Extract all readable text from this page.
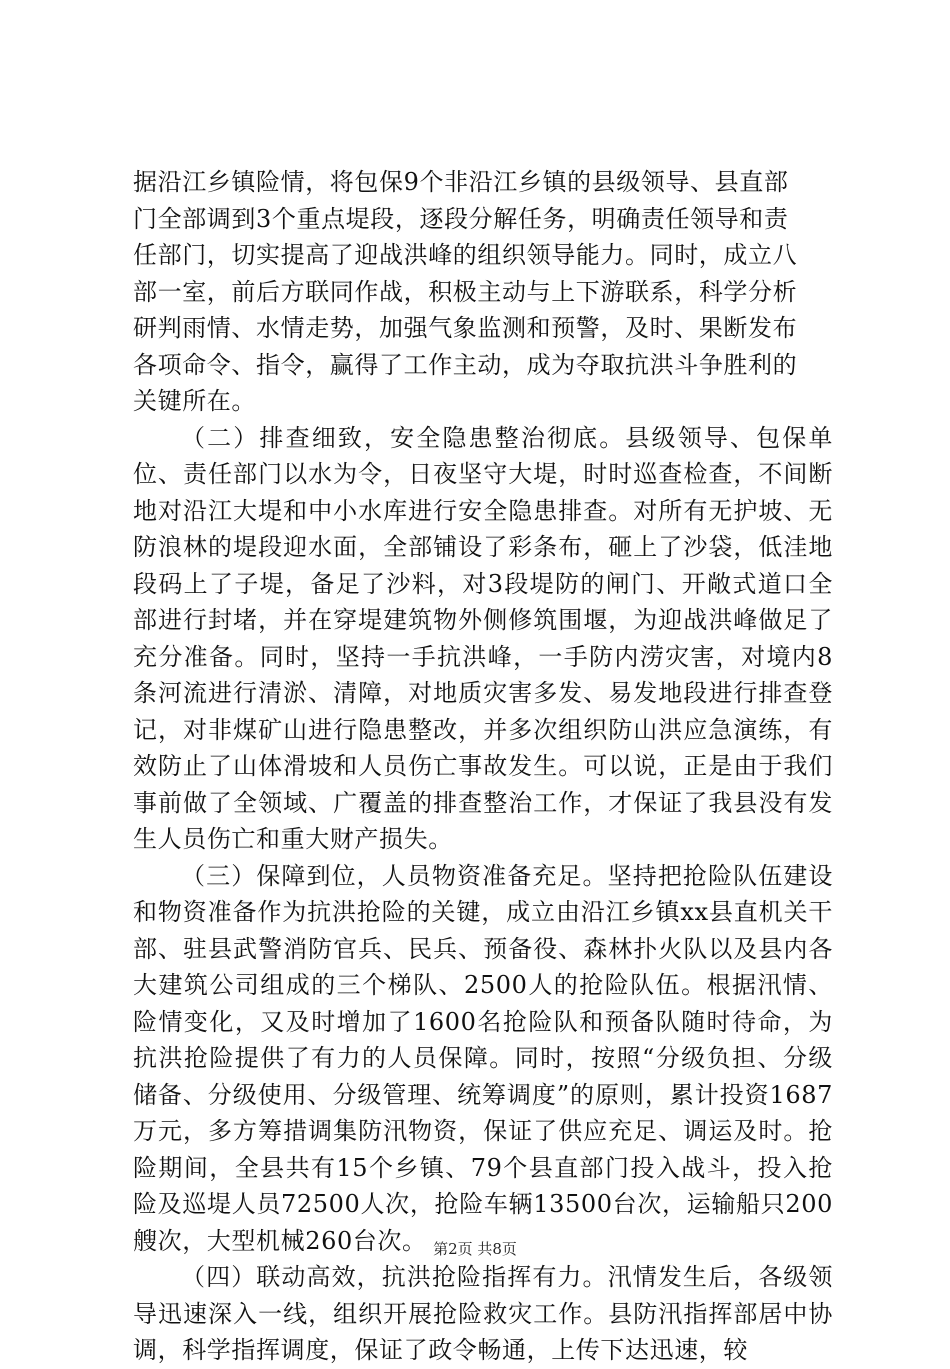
据沿江乡镇险情，将包保9个非沿江乡镇的县级领导、县直部
门全部调到3个重点堤段，逐段分解任务，明确责任领导和责
任部门，切实提高了迎战洪峰的组织领导能力。同时，成立八
部一室，前后方联同作战，积极主动与上下游联系，科学分析
研判雨情、水情走势，加强气象监测和预警，及时、果断发布
各项命令、指令，赢得了工作主动，成为夺取抗洪斗争胜利的
关键所在。

（二）排查细致，安全隐患整治彻底。县级领导、包保单位、责任部门以水为令，日夜坚守大堤，时时巡查检查，不间断地对沿江大堤和中小水库进行安全隐患排查。对所有无护坡、无防浪林的堤段迎水面，全部铺设了彩条布，砸上了沙袋，低洼地段码上了子堤，备足了沙料，对3段堤防的闸门、开敞式道口全部进行封堵，并在穿堤建筑物外侧修筑围堰，为迎战洪峰做足了充分准备。同时，坚持一手抗洪峰，一手防内涝灾害，对境内8条河流进行清淤、清障，对地质灾害多发、易发地段进行排查登记，对非煤矿山进行隐患整改，并多次组织防山洪应急演练，有效防止了山体滑坡和人员伤亡事故发生。可以说，正是由于我们事前做了全领域、广覆盖的排查整治工作，才保证了我县没有发生人员伤亡和重大财产损失。

（三）保障到位，人员物资准备充足。坚持把抢险队伍建设和物资准备作为抗洪抢险的关键，成立由沿江乡镇xx县直机关干部、驻县武警消防官兵、民兵、预备役、森林扑火队以及县内各大建筑公司组成的三个梯队、2500人的抢险队伍。根据汛情、险情变化，又及时增加了1600名抢险队和预备队随时待命，为抗洪抢险提供了有力的人员保障。同时，按照“分级负担、分级储备、分级使用、分级管理、统筹调度”的原则，累计投资1687万元，多方筹措调集防汛物资，保证了供应充足、调运及时。抢险期间，全县共有15个乡镇、79个县直部门投入战斗，投入抢险及巡堤人员72500人次，抢险车辆13500台次，运输船只200艘次，大型机械260台次。

（四）联动高效，抗洪抢险指挥有力。汛情发生后，各级领导迅速深入一线，组织开展抢险救灾工作。县防汛指挥部居中协调，科学指挥调度，保证了政令畅通，上传下达迅速，较

第2页 共8页
